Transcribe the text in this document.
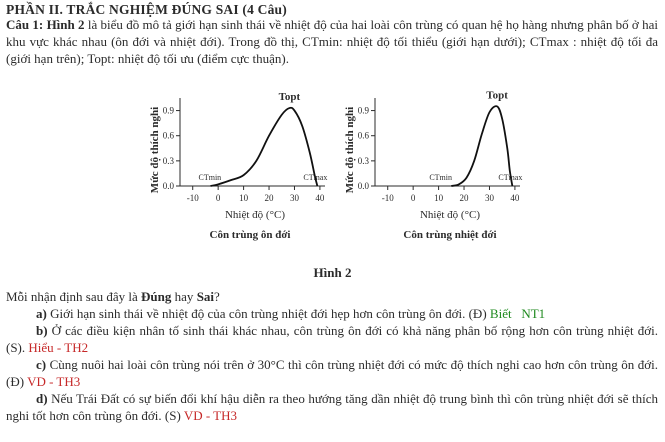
PHẦN II. TRẮC NGHIỆM ĐÚNG SAI (4 Câu)
Câu 1: Hình 2 là biểu đồ mô tả giới hạn sinh thái về nhiệt độ của hai loài côn trùng có quan hệ họ hàng nhưng phân bố ở hai khu vực khác nhau (ôn đới và nhiệt đới). Trong đồ thị, CTmin: nhiệt độ tối thiểu (giới hạn dưới); CTmax : nhiệt độ tối đa (giới hạn trên); Topt: nhiệt độ tối ưu (điểm cực thuận).
Mức độ thích nghi 0.0
0.3
0.6
0.9
-10 0 10 20 30 40
Topt
CTmin	CTmax
Nhiệt độ (°C)
Côn trùng ôn đới
Mức độ thích nghi 0.0
0.3
0.6
0.9
-10 0 10 20 30 40
Topt
CTmin	CTmax
Nhiệt độ (°C)
Côn trùng nhiệt đới
Hình 2
Mỗi nhận định sau đây là Đúng hay Sai?
a) Giới hạn sinh thái về nhiệt độ của côn trùng nhiệt đới hẹp hơn côn trùng ôn đới. (Đ) Biết   NT1
b) Ở các điều kiện nhân tố sinh thái khác nhau, côn trùng ôn đới có khả năng phân bố rộng hơn côn trùng nhiệt đới. (S). Hiểu - TH2
c) Cùng nuôi hai loài côn trùng nói trên ở 30°C thì côn trùng nhiệt đới có mức độ thích nghi cao hơn côn trùng ôn đới. (Đ) VD - TH3
d) Nếu Trái Đất có sự biến đổi khí hậu diễn ra theo hướng tăng dần nhiệt độ trung bình thì côn trùng nhiệt đới sẽ thích nghi tốt hơn côn trùng ôn đới. (S) VD - TH3
